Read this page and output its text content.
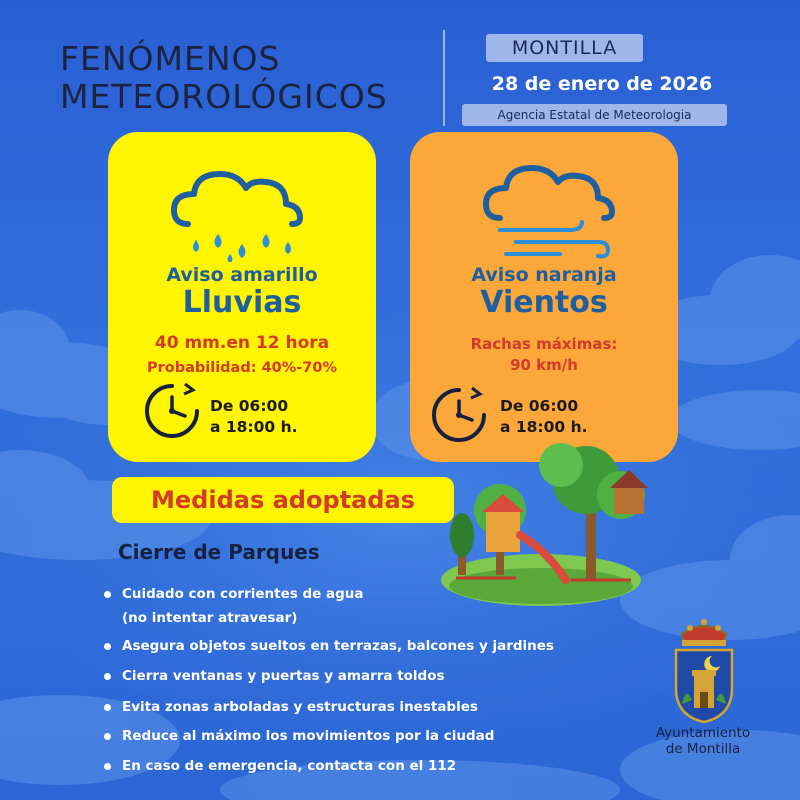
FENÓMENOS
METEOROLÓGICOS
MONTILLA
28 de enero de 2026
Agencia Estatal de Meteorologia
Aviso amarillo
Lluvias
40 mm.en 12 hora
Probabilidad: 40%-70%
De 06:00
a 18:00 h.
Aviso naranja
Vientos
Rachas máximas:
90 km/h
De 06:00
a 18:00 h.
Medidas adoptadas
Cierre de Parques
Cuidado con corrientes de agua
(no intentar atravesar)
Asegura objetos sueltos en terrazas, balcones y jardines
Cierra ventanas y puertas y amarra toldos
Evita zonas arboladas y estructuras inestables
Reduce al máximo los movimientos por la ciudad
En caso de emergencia, contacta con el 112
Ayuntamiento
de Montilla
